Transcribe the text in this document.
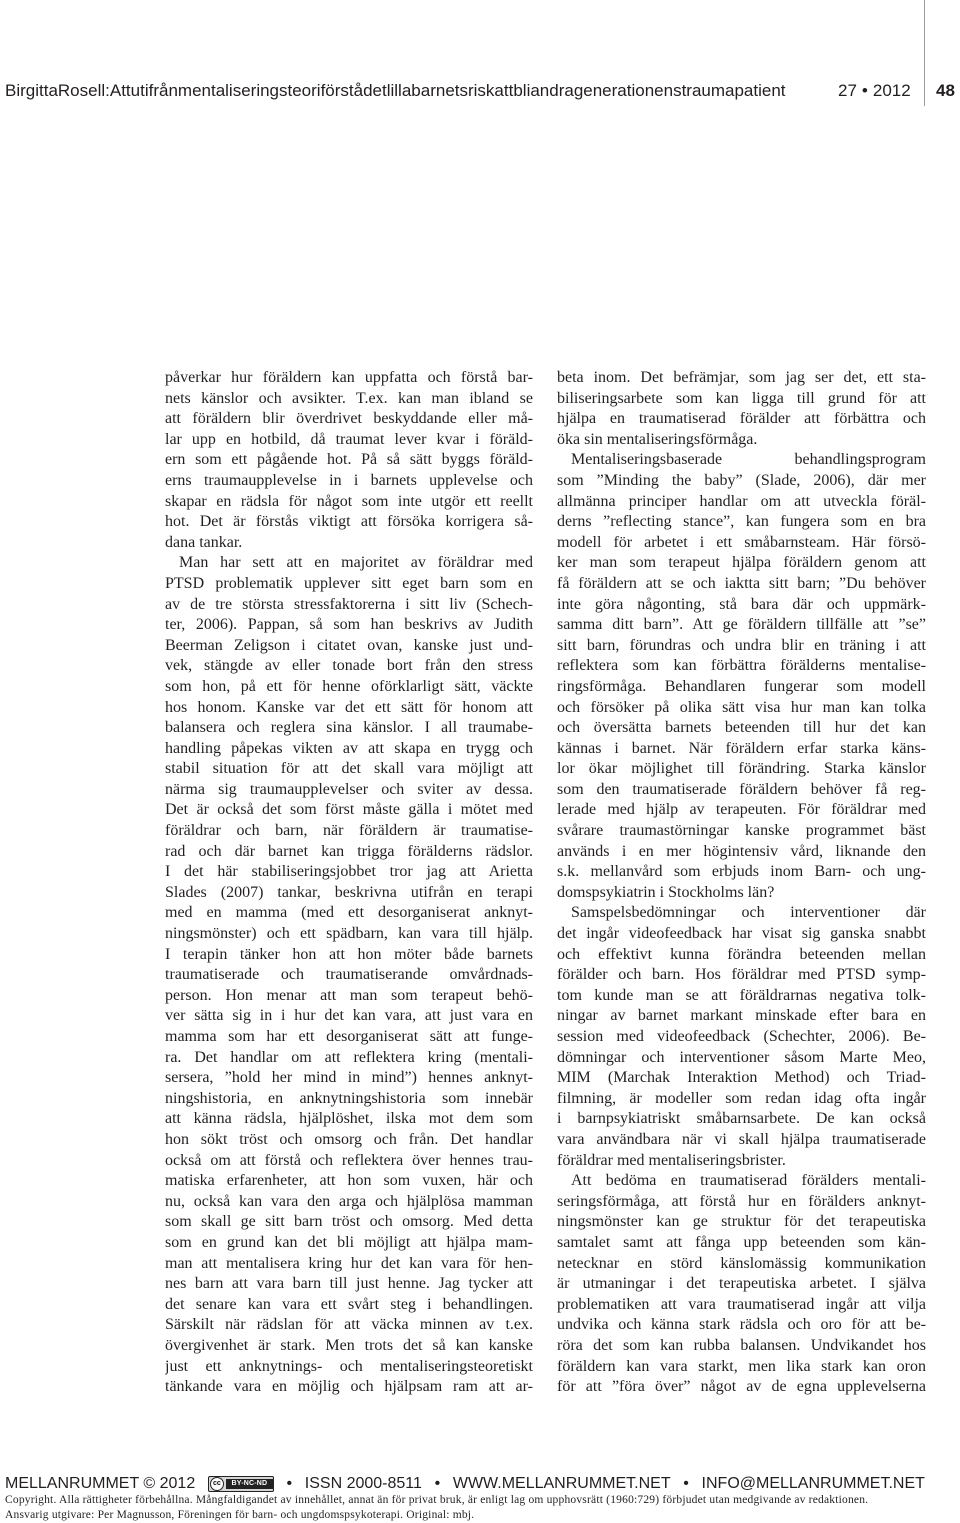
BirgittaRosell:Attutifrånmentaliseringsteoriförstådetlillabarnetsriskattbliandragenerationenstraumapatient	27 • 2012 48
påverkar hur föräldern kan uppfatta och förstå bar-
nets känslor och avsikter. T.ex. kan man ibland se
att föräldern blir överdrivet beskyddande eller må-
lar upp en hotbild, då traumat lever kvar i föräld-
ern som ett pågående hot. På så sätt byggs föräld-
erns traumaupplevelse in i barnets upplevelse och
skapar en rädsla för något som inte utgör ett reellt
hot. Det är förstås viktigt att försöka korrigera så-
dana tankar.
Man har sett att en majoritet av föräldrar med
PTSD problematik upplever sitt eget barn som en
av de tre största stressfaktorerna i sitt liv (Schech-
ter, 2006). Pappan, så som han beskrivs av Judith
Beerman Zeligson i citatet ovan, kanske just und-
vek, stängde av eller tonade bort från den stress
som hon, på ett för henne oförklarligt sätt, väckte
hos honom. Kanske var det ett sätt för honom att
balansera och reglera sina känslor. I all traumabe-
handling påpekas vikten av att skapa en trygg och
stabil situation för att det skall vara möjligt att
närma sig traumaupplevelser och sviter av dessa.
Det är också det som först måste gälla i mötet med
föräldrar och barn, när föräldern är traumatise-
rad och där barnet kan trigga förälderns rädslor.
I det här stabiliseringsjobbet tror jag att Arietta
Slades (2007) tankar, beskrivna utifrån en terapi
med en mamma (med ett desorganiserat anknyt-
ningsmönster) och ett spädbarn, kan vara till hjälp.
I terapin tänker hon att hon möter både barnets
traumatiserade och traumatiserande omvårdnads-
person. Hon menar att man som terapeut behö-
ver sätta sig in i hur det kan vara, att just vara en
mamma som har ett desorganiserat sätt att funge-
ra. Det handlar om att reflektera kring (mentali-
sersera, ”hold her mind in mind”) hennes anknyt-
ningshistoria, en anknytningshistoria som innebär
att känna rädsla, hjälplöshet, ilska mot dem som
hon sökt tröst och omsorg och från. Det handlar
också om att förstå och reflektera över hennes trau-
matiska erfarenheter, att hon som vuxen, här och
nu, också kan vara den arga och hjälplösa mamman
som skall ge sitt barn tröst och omsorg. Med detta
som en grund kan det bli möjligt att hjälpa mam-
man att mentalisera kring hur det kan vara för hen-
nes barn att vara barn till just henne. Jag tycker att
det senare kan vara ett svårt steg i behandlingen.
Särskilt när rädslan för att väcka minnen av t.ex.
övergivenhet är stark. Men trots det så kan kanske
just ett anknytnings- och mentaliseringsteoretiskt
tänkande vara en möjlig och hjälpsam ram att ar-
beta inom. Det befrämjar, som jag ser det, ett sta-
biliseringsarbete som kan ligga till grund för att
hjälpa en traumatiserad förälder att förbättra och
öka sin mentaliseringsförmåga.
Mentaliseringsbaserade behandlingsprogram
som ”Minding the baby” (Slade, 2006), där mer
allmänna principer handlar om att utveckla föräl-
derns ”reflecting stance”, kan fungera som en bra
modell för arbetet i ett småbarnsteam. Här försö-
ker man som terapeut hjälpa föräldern genom att
få föräldern att se och iaktta sitt barn; ”Du behöver
inte göra någonting, stå bara där och uppmärk-
samma ditt barn”. Att ge föräldern tillfälle att ”se”
sitt barn, förundras och undra blir en träning i att
reflektera som kan förbättra förälderns mentalise-
ringsförmåga. Behandlaren fungerar som modell
och försöker på olika sätt visa hur man kan tolka
och översätta barnets beteenden till hur det kan
kännas i barnet. När föräldern erfar starka käns-
lor ökar möjlighet till förändring. Starka känslor
som den traumatiserade föräldern behöver få reg-
lerade med hjälp av terapeuten. För föräldrar med
svårare traumastörningar kanske programmet bäst
används i en mer högintensiv vård, liknande den
s.k. mellanvård som erbjuds inom Barn- och ung-
domspsykiatrin i Stockholms län?
Samspelsbedömningar och interventioner där
det ingår videofeedback har visat sig ganska snabbt
och effektivt kunna förändra beteenden mellan
förälder och barn. Hos föräldrar med PTSD symp-
tom kunde man se att föräldrarnas negativa tolk-
ningar av barnet markant minskade efter bara en
session med videofeedback (Schechter, 2006). Be-
dömningar och interventioner såsom Marte Meo,
MIM (Marchak Interaktion Method) och Triad-
filmning, är modeller som redan idag ofta ingår
i barnpsykiatriskt småbarnsarbete. De kan också
vara användbara när vi skall hjälpa traumatiserade
föräldrar med mentaliseringsbrister.
Att bedöma en traumatiserad förälders mentali-
seringsförmåga, att förstå hur en förälders anknyt-
ningsmönster kan ge struktur för det terapeutiska
samtalet samt att fånga upp beteenden som kän-
netecknar en störd känslomässig kommunikation
är utmaningar i det terapeutiska arbetet. I själva
problematiken att vara traumatiserad ingår att vilja
undvika och känna stark rädsla och oro för att be-
röra det som kan rubba balansen. Undvikandet hos
föräldern kan vara starkt, men lika stark kan oron
för att ”föra över” något av de egna upplevelserna
MELLANRUMMET © 2012	cc	BY-NC-ND	• ISSN 2000-8511 • WWW.MELLANRUMMET.NET • INFO@MELLANRUMMET.NET
Copyright. Alla rättigheter förbehållna. Mångfaldigandet av innehållet, annat än för privat bruk, är enligt lag om upphovsrätt (1960:729) förbjudet utan medgivande av redaktionen.
Ansvarig utgivare: Per Magnusson, Föreningen för barn- och ungdomspsykoterapi. Original: mbj.
